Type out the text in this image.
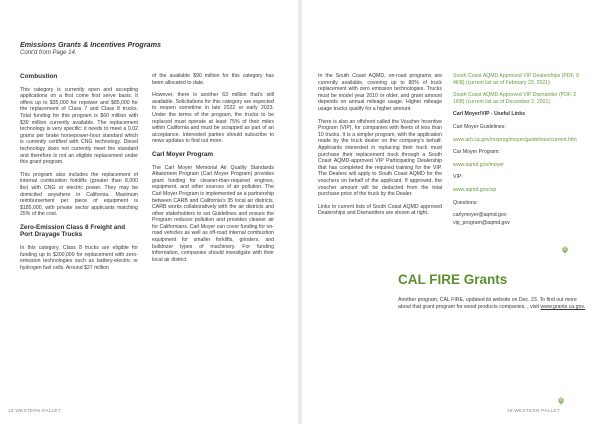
Emissions Grants & Incentives Programs
Cont'd from Page 14.
Combustion

This category is currently open and accepting applications on a first come first serve basis. It offers up to $35,000 for repower and $85,000 for the replacement of Class 7 and Class 8 trucks. Total funding for this program is $60 million with $30 million currently available. The replacement technology is very specific: it needs to meet a 0.02 grams per brake horsepower-hour standard which is currently certified with CNG technology. Diesel technology does not currently meet the standard and therefore is not an eligible replacement under this grant program.

This program also includes the replacement of internal combustion forklifts (greater than 8,000 lbs) with CNG or electric power. They may be domiciled anywhere in California. Maximum reimbursement per piece of equipment is $185,000, with private sector applicants matching 25% of the cost.

Zero-Emission Class 8 Freight and Port Drayage Trucks

In this category, Class 8 trucks are eligible for funding up to $200,000 for replacement with zero-emission technologies such as battery-electric or hydrogen fuel cells. Around $27 million

of the available $90 million for this category has been allocated to date.

However, there is another 63 million that's still available. Solicitations for this category are expected to reopen sometime in late 2022 or early 2023. Under the terms of the program, the trucks to be replaced must operate at least 75% of their miles within California and must be scrapped as part of an acceptance. Interested parties should subscribe to news updates to find out more.

Carl Moyer Program

The Carl Moyer Memorial Air Quality Standards Attainment Program (Carl Moyer Program) provides grant funding for cleaner-than-required engines, equipment, and other sources of air pollution. The Carl Moyer Program is implemented as a partnership between CARB and California's 35 local air districts. CARB works collaboratively with the air districts and other stakeholders to set Guidelines and ensure the Program reduces pollution and provides cleaner air for Californians. Carl Moyer can cover funding for on-road vehicles as well as off-road internal combustion equipment for smaller forklifts, grinders, and bulldozer types of machinery. For funding information, companies should investigate with their local air district.

18 WESTERN PALLET

In the South Coast AQMD, on-road programs are currently available, covering up to 80% of truck replacement with zero emission technologies. Trucks must be model year 2010 or older, and grant amount depends on annual mileage usage. Higher mileage usage trucks qualify for a higher amount.

There is also an offshoot called the Voucher Incentive Program (VIP), for companies with fleets of less than 10 trucks. It is a simpler program, with the application made by the truck dealer on the company's behalf. Applicants interested in replacing their truck must purchase their replacement truck through a South Coast AQMD-approved VIP Participating Dealership that has completed the required training for the VIP. The Dealers will apply to South Coast AQMD for the vouchers on behalf of the applicant. If approved, the voucher amount will be deducted from the total purchase price of the truck by the Dealer.

Links to current lists of South Coast AQMD approved Dealerships and Dismantlers are shown at right.

South Coast AQMD Approved VIP Dealerships (PDF, 94KB) (current list as of February 23, 2021)
South Coast AQMD Approved VIP Dismantler (PDF, 21KB) (current list as of December 2, 2021)
Carl Moyer/VIP - Useful Links
Carl Moyer Guidelines:
www.arb.ca.gov/msprog/moyer/guidelines/current.htm
Car Moyer Program:
www.aqmd.gov/moyer
VIP:
www.aqmd.gov/vip
Questions:
carlymoyer@aqmd.gov
vip_program@aqmd.gov
ψ
CAL FIRE Grants
Another program, CAL FIRE, updated its website on Dec. 23. To find out more about that grant program for wood products companies, , visit www.grants.ca.gov.
ψ
18 WESTERN PALLET
